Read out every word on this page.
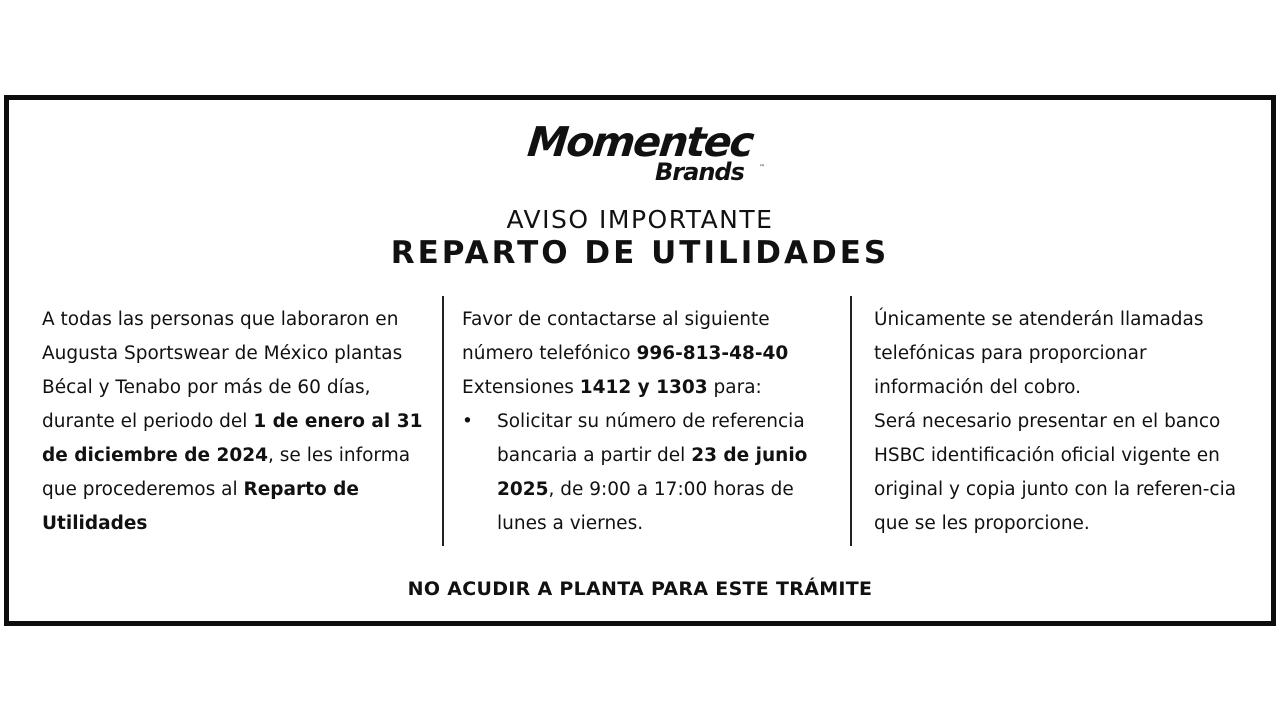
Momentec
Brands	™
AVISO IMPORTANTE
REPARTO DE UTILIDADES

A todas las personas que laboraron en Augusta Sportswear de México plantas Bécal y Tenabo por más de 60 días, durante el periodo del 1 de enero al 31 de diciembre de 2024, se les informa que procederemos al Reparto de Utilidades

Favor de contactarse al siguiente número telefónico 996-813-48-40 Extensiones 1412 y 1303 para:

• Solicitar su número de referencia bancaria a partir del 23 de junio 2025, de 9:00 a 17:00 horas de lunes a viernes.

Únicamente se atenderán llamadas telefónicas para proporcionar información del cobro.

Será necesario presentar en el banco HSBC identificación oficial vigente en original y copia junto con la referen-cia que se les proporcione.

NO ACUDIR A PLANTA PARA ESTE TRÁMITE
